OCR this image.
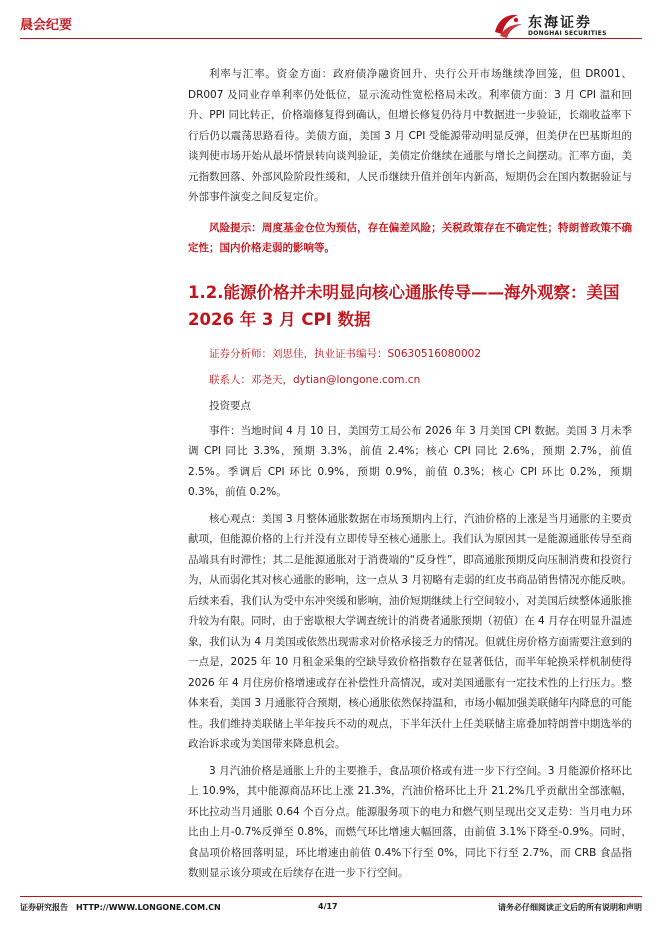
晨会纪要	东海证券
DONGHAI SECURITIES

利率与汇率。资金方面：政府债净融资回升、央行公开市场继续净回笼，但 DR001、DR007 及同业存单利率仍处低位，显示流动性宽松格局未改。利率债方面：3 月 CPI 温和回升、PPI 同比转正，价格端修复得到确认，但增长修复仍待月中数据进一步验证，长端收益率下行后仍以震荡思路看待。美债方面，美国 3 月 CPI 受能源带动明显反弹，但美伊在巴基斯坦的谈判使市场开始从最坏情景转向谈判验证，美债定价继续在通胀与增长之间摆动。汇率方面，美元指数回落、外部风险阶段性缓和，人民币继续升值并创年内新高，短期仍会在国内数据验证与外部事件演变之间反复定价。

风险提示：周度基金仓位为预估，存在偏差风险；关税政策存在不确定性；特朗普政策不确定性；国内价格走弱的影响等。

1.2.能源价格并未明显向核心通胀传导——海外观察：美国 2026 年 3 月 CPI 数据
证券分析师：刘思佳，执业证书编号：S0630516080002
联系人：邓尧天，dytian@longone.com.cn
投资要点

事件：当地时间 4 月 10 日，美国劳工局公布 2026 年 3 月美国 CPI 数据。美国 3 月未季调 CPI 同比 3.3%，预期 3.3%，前值 2.4%；核心 CPI 同比 2.6%，预期 2.7%，前值 2.5%。季调后 CPI 环比 0.9%，预期 0.9%，前值 0.3%；核心 CPI 环比 0.2%，预期 0.3%，前值 0.2%。

核心观点：美国 3 月整体通胀数据在市场预期内上行，汽油价格的上涨是当月通胀的主要贡献项，但能源价格的上行并没有立即传导至核心通胀上。我们认为原因其一是能源通胀传导至商品端具有时滞性；其二是能源通胀对于消费端的“反身性”，即高通胀预期反向压制消费和投资行为，从而弱化其对核心通胀的影响，这一点从 3 月初略有走弱的红皮书商品销售情况亦能反映。后续来看，我们认为受中东冲突缓和影响，油价短期继续上行空间较小，对美国后续整体通胀推升较为有限。同时，由于密歇根大学调查统计的消费者通胀预期（初值）在 4 月存在明显升温迹象，我们认为 4 月美国或依然出现需求对价格承接乏力的情况。但就住房价格方面需要注意到的一点是，2025 年 10 月租金采集的空缺导致价格指数存在显著低估，而半年轮换采样机制使得 2026 年 4 月住房价格增速或存在补偿性升高情况，或对美国通胀有一定技术性的上行压力。整体来看，美国 3 月通胀符合预期，核心通胀依然保持温和，市场小幅加强美联储年内降息的可能性。我们维持美联储上半年按兵不动的观点，下半年沃什上任美联储主席叠加特朗普中期选举的政治诉求或为美国带来降息机会。

3 月汽油价格是通胀上升的主要推手，食品项价格或有进一步下行空间。3 月能源价格环比上 10.9%，其中能源商品环比上涨 21.3%，汽油价格环比上升 21.2%几乎贡献出全部涨幅，环比拉动当月通胀 0.64 个百分点。能源服务项下的电力和燃气则呈现出交叉走势：当月电力环比由上月-0.7%反弹至 0.8%，而燃气环比增速大幅回落，由前值 3.1%下降至-0.9%。同时，食品项价格回落明显，环比增速由前值 0.4%下行至 0%，同比下行至 2.7%，而 CRB 食品指数则显示该分项或在后续存在进一步下行空间。

证券研究报告　HTTP://WWW.LONGONE.COM.CN	4/17	请务必仔细阅读正文后的所有说明和声明
